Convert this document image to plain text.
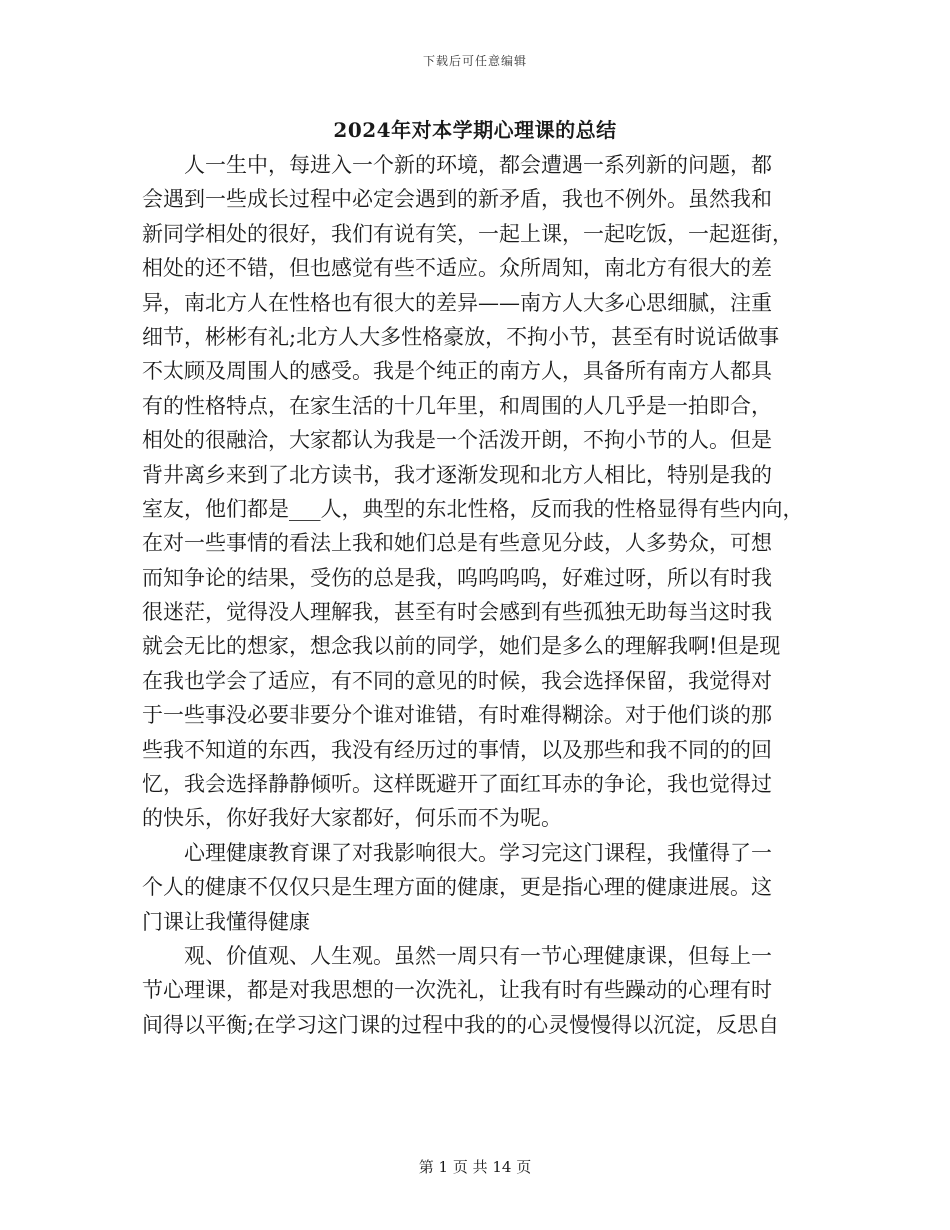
下载后可任意编辑
2024年对本学期心理课的总结
人一生中，每进入一个新的环境，都会遭遇一系列新的问题，都
会遇到一些成长过程中必定会遇到的新矛盾，我也不例外。虽然我和
新同学相处的很好，我们有说有笑，一起上课，一起吃饭，一起逛街，
相处的还不错，但也感觉有些不适应。众所周知，南北方有很大的差
异，南北方人在性格也有很大的差异——南方人大多心思细腻，注重
细节，彬彬有礼;北方人大多性格豪放，不拘小节，甚至有时说话做事
不太顾及周围人的感受。我是个纯正的南方人，具备所有南方人都具
有的性格特点，在家生活的十几年里，和周围的人几乎是一拍即合，
相处的很融洽，大家都认为我是一个活泼开朗，不拘小节的人。但是
背井离乡来到了北方读书，我才逐渐发现和北方人相比，特别是我的
室友，他们都是___人，典型的东北性格，反而我的性格显得有些内向，
在对一些事情的看法上我和她们总是有些意见分歧，人多势众，可想
而知争论的结果，受伤的总是我，呜呜呜呜，好难过呀，所以有时我
很迷茫，觉得没人理解我，甚至有时会感到有些孤独无助每当这时我
就会无比的想家，想念我以前的同学，她们是多么的理解我啊!但是现
在我也学会了适应，有不同的意见的时候，我会选择保留，我觉得对
于一些事没必要非要分个谁对谁错，有时难得糊涂。对于他们谈的那
些我不知道的东西，我没有经历过的事情，以及那些和我不同的的回
忆，我会选择静静倾听。这样既避开了面红耳赤的争论，我也觉得过
的快乐，你好我好大家都好，何乐而不为呢。
心理健康教育课了对我影响很大。学习完这门课程，我懂得了一
个人的健康不仅仅只是生理方面的健康，更是指心理的健康进展。这
门课让我懂得健康
观、价值观、人生观。虽然一周只有一节心理健康课，但每上一
节心理课，都是对我思想的一次洗礼，让我有时有些躁动的心理有时
间得以平衡;在学习这门课的过程中我的的心灵慢慢得以沉淀，反思自
第 1 页 共 14 页
